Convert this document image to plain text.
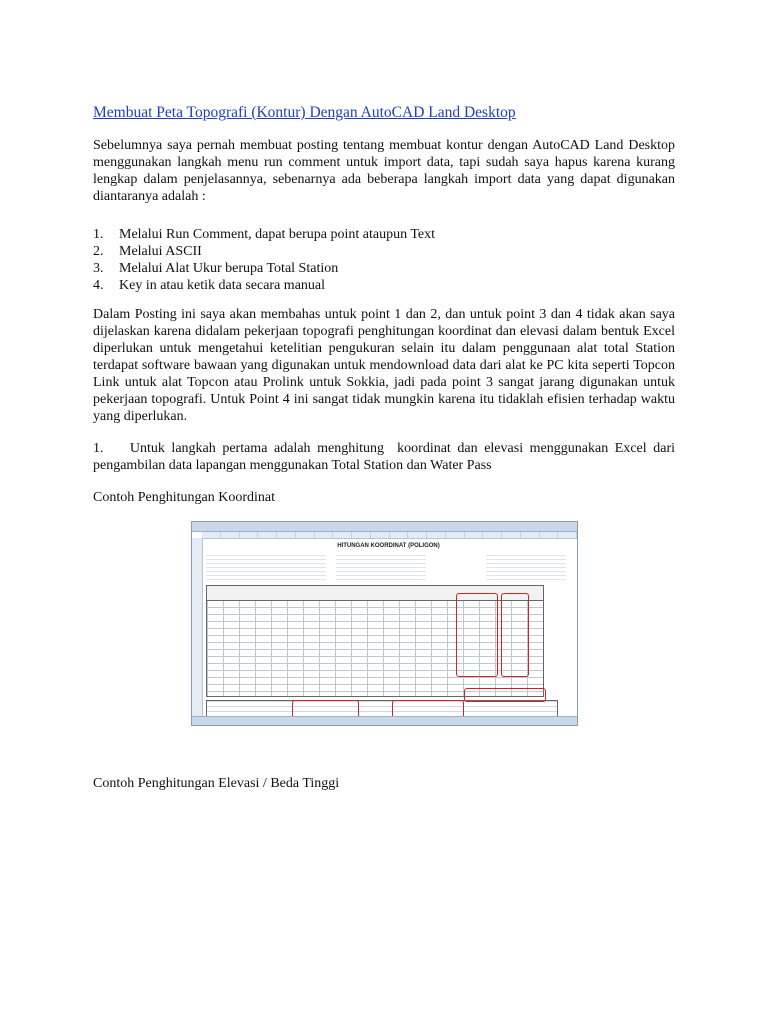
Membuat Peta Topografi (Kontur) Dengan AutoCAD Land Desktop

Sebelumnya saya pernah membuat posting tentang membuat kontur dengan AutoCAD Land Desktop menggunakan langkah menu run comment untuk import data, tapi sudah saya hapus karena kurang lengkap dalam penjelasannya, sebenarnya ada beberapa langkah import data yang dapat digunakan diantaranya adalah :

1.	Melalui Run Comment, dapat berupa point ataupun Text
2.	Melalui ASCII
3.	Melalui Alat Ukur berupa Total Station
4.	Key in atau ketik data secara manual

Dalam Posting ini saya akan membahas untuk point 1 dan 2, dan untuk point 3 dan 4 tidak akan saya dijelaskan karena didalam pekerjaan topografi penghitungan koordinat dan elevasi dalam bentuk Excel diperlukan untuk mengetahui ketelitian pengukuran selain itu dalam penggunaan alat total Station terdapat software bawaan yang digunakan untuk mendownload data dari alat ke PC kita seperti Topcon Link untuk alat Topcon atau Prolink untuk Sokkia, jadi pada point 3 sangat jarang digunakan untuk pekerjaan topografi. Untuk Point 4 ini sangat tidak mungkin karena itu tidaklah efisien terhadap waktu yang diperlukan.

1.    Untuk langkah pertama adalah menghitung  koordinat dan elevasi menggunakan Excel dari pengambilan data lapangan menggunakan Total Station dan Water Pass

Contoh Penghitungan Koordinat
Contoh Penghitungan Elevasi / Beda Tinggi
HITUNGAN KOORDINAT (POLIGON)
